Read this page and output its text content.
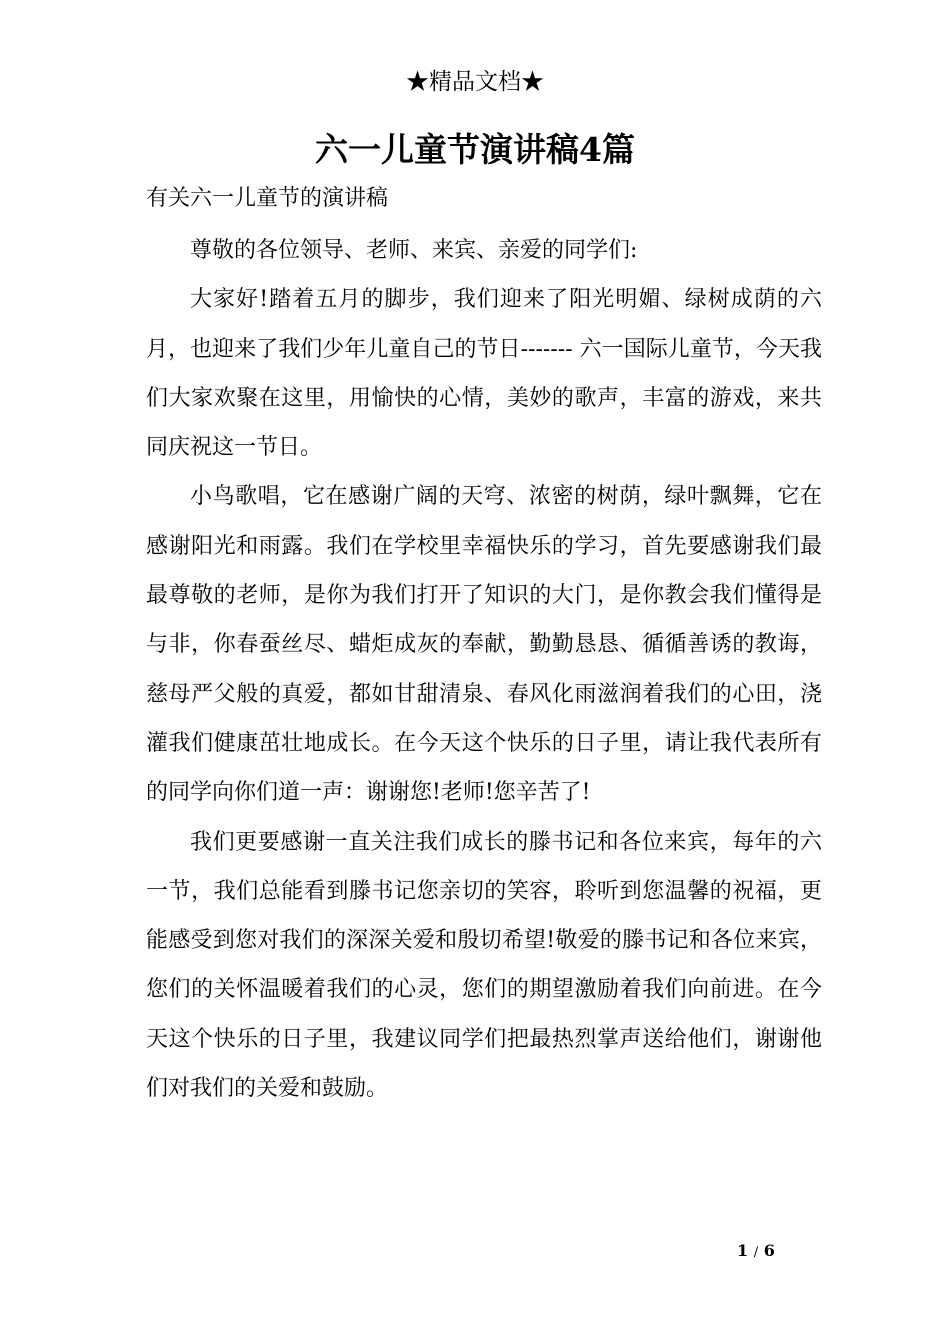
★精品文档★
六一儿童节演讲稿4篇
有关六一儿童节的演讲稿

尊敬的各位领导、老师、来宾、亲爱的同学们:

大家好!踏着五月的脚步，我们迎来了阳光明媚、绿树成荫的六月，也迎来了我们少年儿童自己的节日------- 六一国际儿童节，今天我们大家欢聚在这里，用愉快的心情，美妙的歌声，丰富的游戏，来共同庆祝这一节日。

小鸟歌唱，它在感谢广阔的天穹、浓密的树荫，绿叶飘舞，它在感谢阳光和雨露。我们在学校里幸福快乐的学习，首先要感谢我们最最尊敬的老师，是你为我们打开了知识的大门，是你教会我们懂得是与非，你春蚕丝尽、蜡炬成灰的奉献，勤勤恳恳、循循善诱的教诲，慈母严父般的真爱，都如甘甜清泉、春风化雨滋润着我们的心田，浇灌我们健康茁壮地成长。在今天这个快乐的日子里，请让我代表所有的同学向你们道一声：谢谢您!老师!您辛苦了!

我们更要感谢一直关注我们成长的滕书记和各位来宾，每年的六一节，我们总能看到滕书记您亲切的笑容，聆听到您温馨的祝福，更能感受到您对我们的深深关爱和殷切希望!敬爱的滕书记和各位来宾，您们的关怀温暖着我们的心灵，您们的期望激励着我们向前进。在今天这个快乐的日子里，我建议同学们把最热烈掌声送给他们，谢谢他们对我们的关爱和鼓励。

1 / 6
